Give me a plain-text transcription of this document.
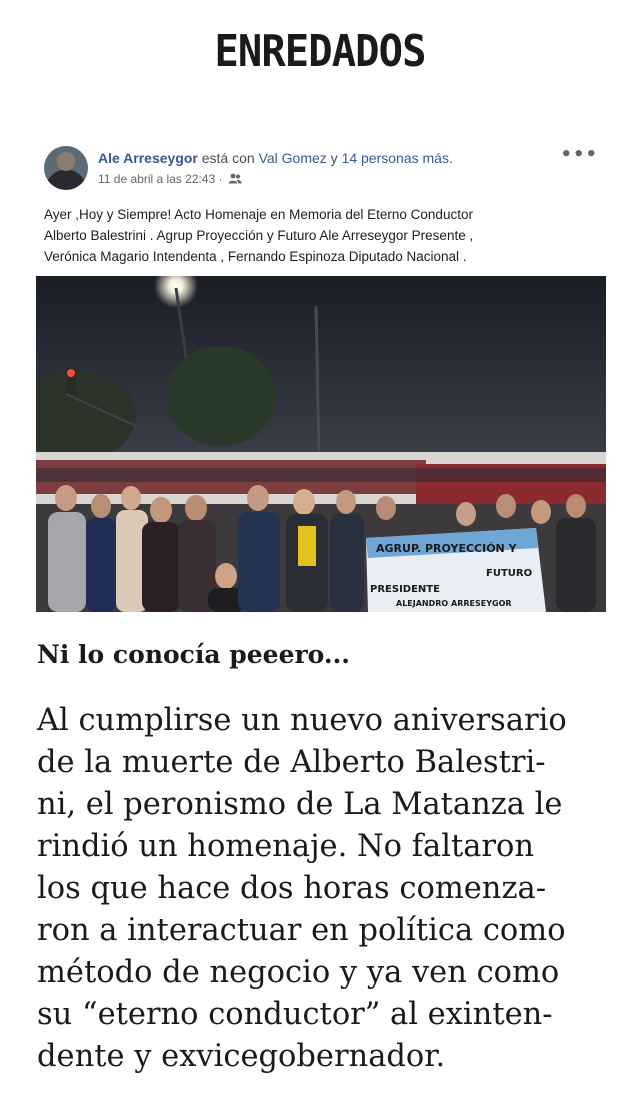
ENREDADOS
Ale Arreseygor está con Val Gomez y 14 personas más.
11 de abril a las 22:43 ·
•••
Ayer ,Hoy y Siempre! Acto Homenaje en Memoria del Eterno Conductor
Alberto Balestrini . Agrup Proyección y Futuro Ale Arreseygor Presente ,
Verónica Magario Intendenta , Fernando Espinoza Diputado Nacional .
AGRUP. PROYECCIÓN Y
FUTURO
PRESIDENTE
ALEJANDRO ARRESEYGOR
Ni lo conocía peeero...
Al cumplirse un nuevo aniversario
de la muerte de Alberto Balestri-
ni, el peronismo de La Matanza le
rindió un homenaje. No faltaron
los que hace dos horas comenza-
ron a interactuar en política como
método de negocio y ya ven como
su “eterno conductor” al exinten-
dente y exvicegobernador.
